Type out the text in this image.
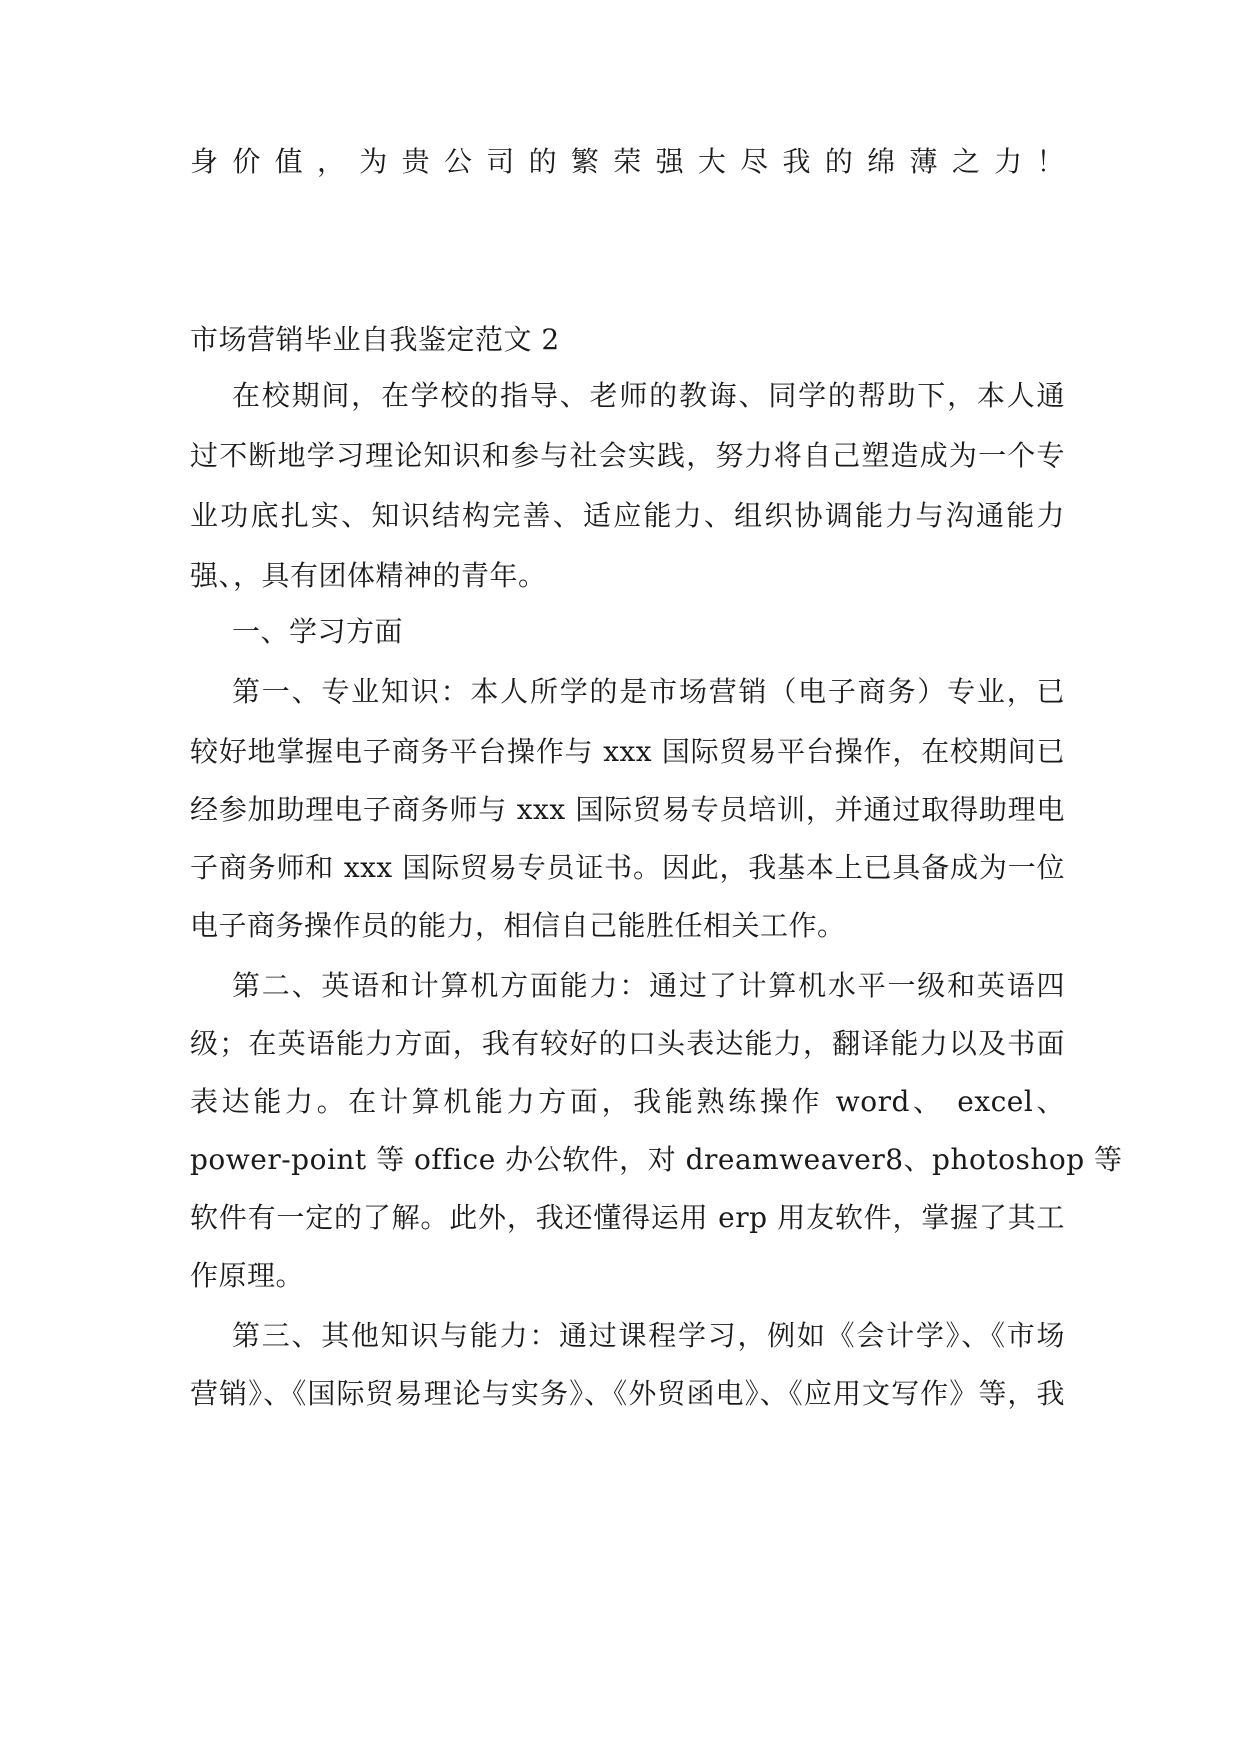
身价值，为贵公司的繁荣强大尽我的绵薄之力！
市场营销毕业自我鉴定范文 2
在校期间，在学校的指导、老师的教诲、同学的帮助下，本人通
过不断地学习理论知识和参与社会实践，努力将自己塑造成为一个专
业功底扎实、知识结构完善、适应能力、组织协调能力与沟通能力
强、，具有团体精神的青年。
一、学习方面
第一、专业知识：本人所学的是市场营销（电子商务）专业，已
较好地掌握电子商务平台操作与 xxx 国际贸易平台操作，在校期间已
经参加助理电子商务师与 xxx 国际贸易专员培训，并通过取得助理电
子商务师和 xxx 国际贸易专员证书。因此，我基本上已具备成为一位
电子商务操作员的能力，相信自己能胜任相关工作。
第二、英语和计算机方面能力：通过了计算机水平一级和英语四
级；在英语能力方面，我有较好的口头表达能力，翻译能力以及书面
表达能力。在计算机能力方面，我能熟练操作 word、 excel、
power-point 等 office 办公软件，对 dreamweaver8、photoshop 等
软件有一定的了解。此外，我还懂得运用 erp 用友软件，掌握了其工
作原理。
第三、其他知识与能力：通过课程学习，例如《会计学》、《市场
营销》、《国际贸易理论与实务》、《外贸函电》、《应用文写作》等，我
